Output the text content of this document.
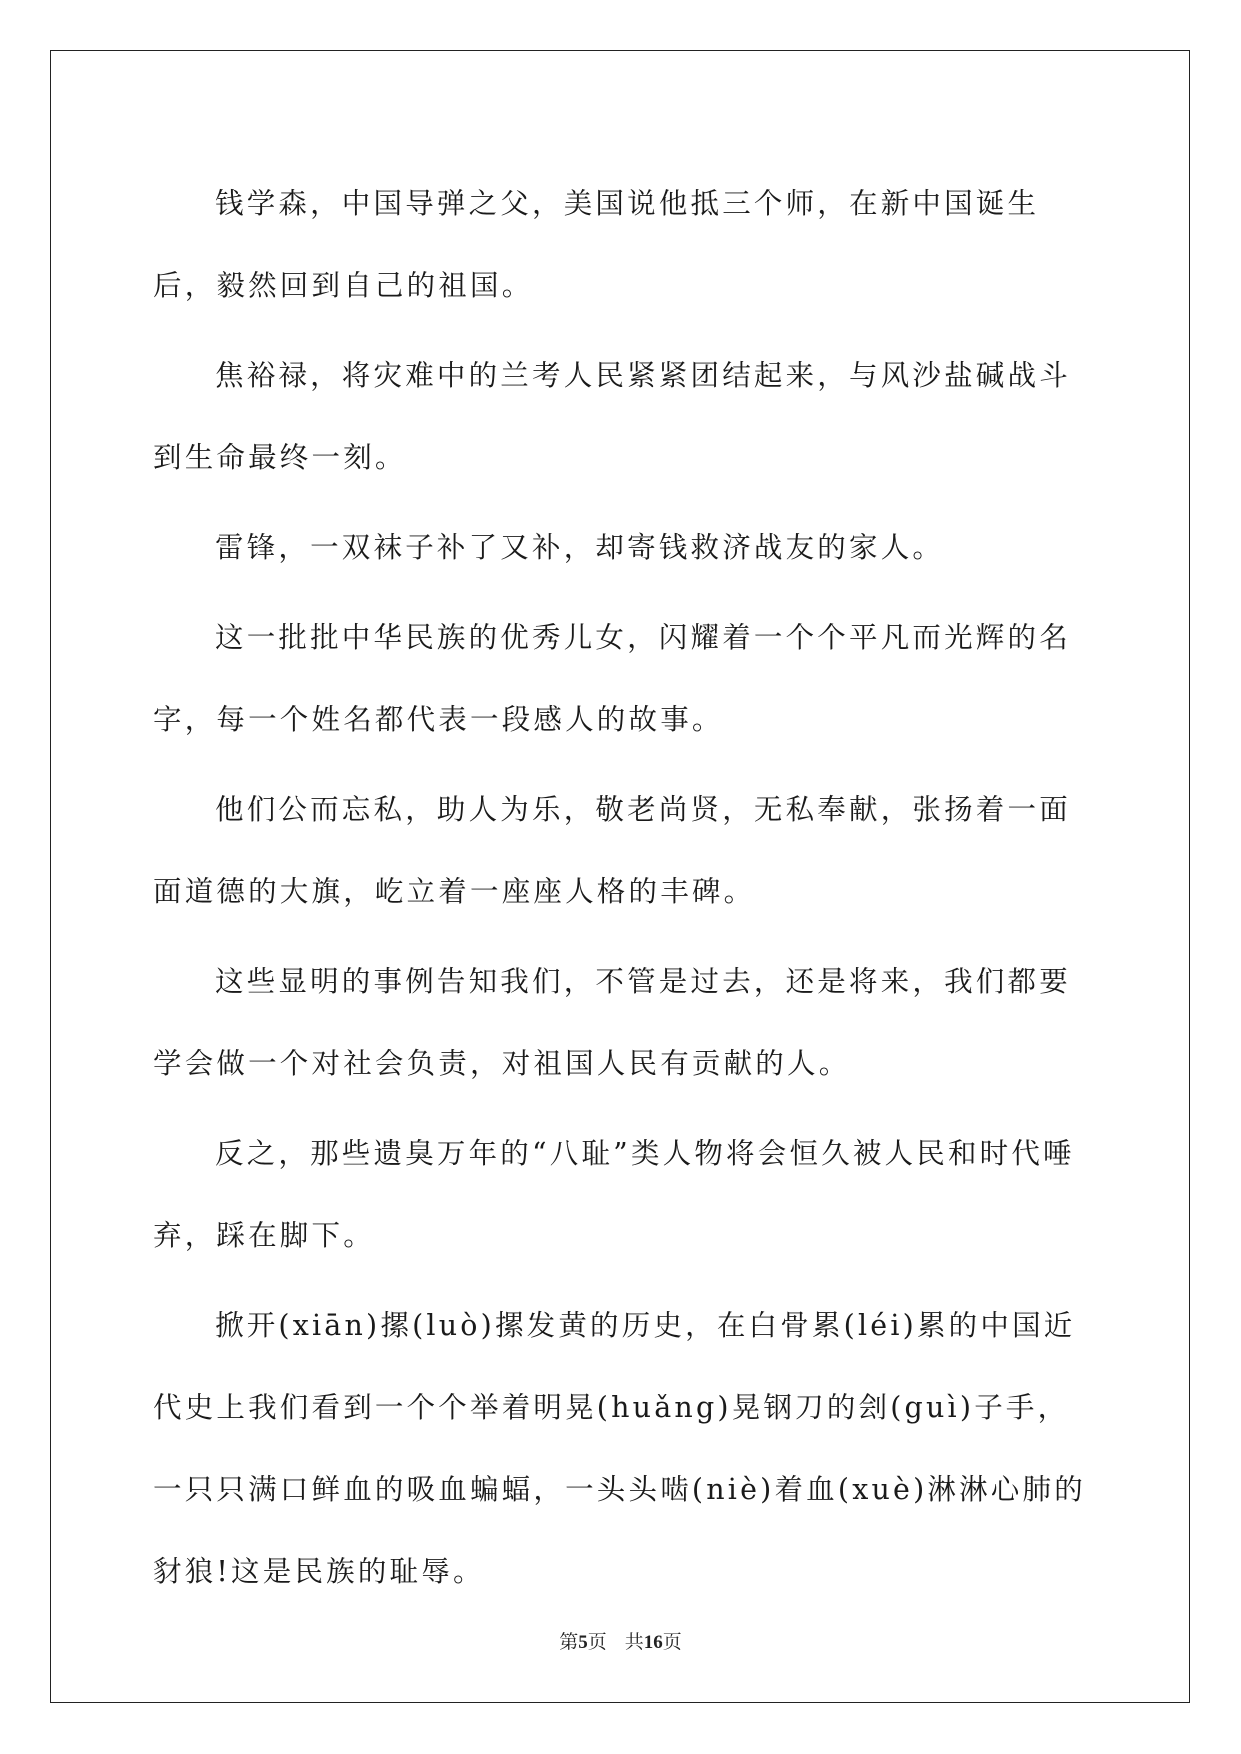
钱学森，中国导弹之父，美国说他抵三个师，在新中国诞生后，毅然回到自己的祖国。

焦裕禄，将灾难中的兰考人民紧紧团结起来，与风沙盐碱战斗到生命最终一刻。

雷锋，一双袜子补了又补，却寄钱救济战友的家人。

这一批批中华民族的优秀儿女，闪耀着一个个平凡而光辉的名字，每一个姓名都代表一段感人的故事。

他们公而忘私，助人为乐，敬老尚贤，无私奉献，张扬着一面面道德的大旗，屹立着一座座人格的丰碑。

这些显明的事例告知我们，不管是过去，还是将来，我们都要学会做一个对社会负责，对祖国人民有贡献的人。

反之，那些遗臭万年的“八耻”类人物将会恒久被人民和时代唾弃，踩在脚下。

掀开(xiān)摞(luò)摞发黄的历史，在白骨累(léi)累的中国近代史上我们看到一个个举着明晃(huǎng)晃钢刀的刽(guì)子手，一只只满口鲜血的吸血蝙蝠，一头头啮(niè)着血(xuè)淋淋心肺的豺狼!这是民族的耻辱。

第5页 共16页
